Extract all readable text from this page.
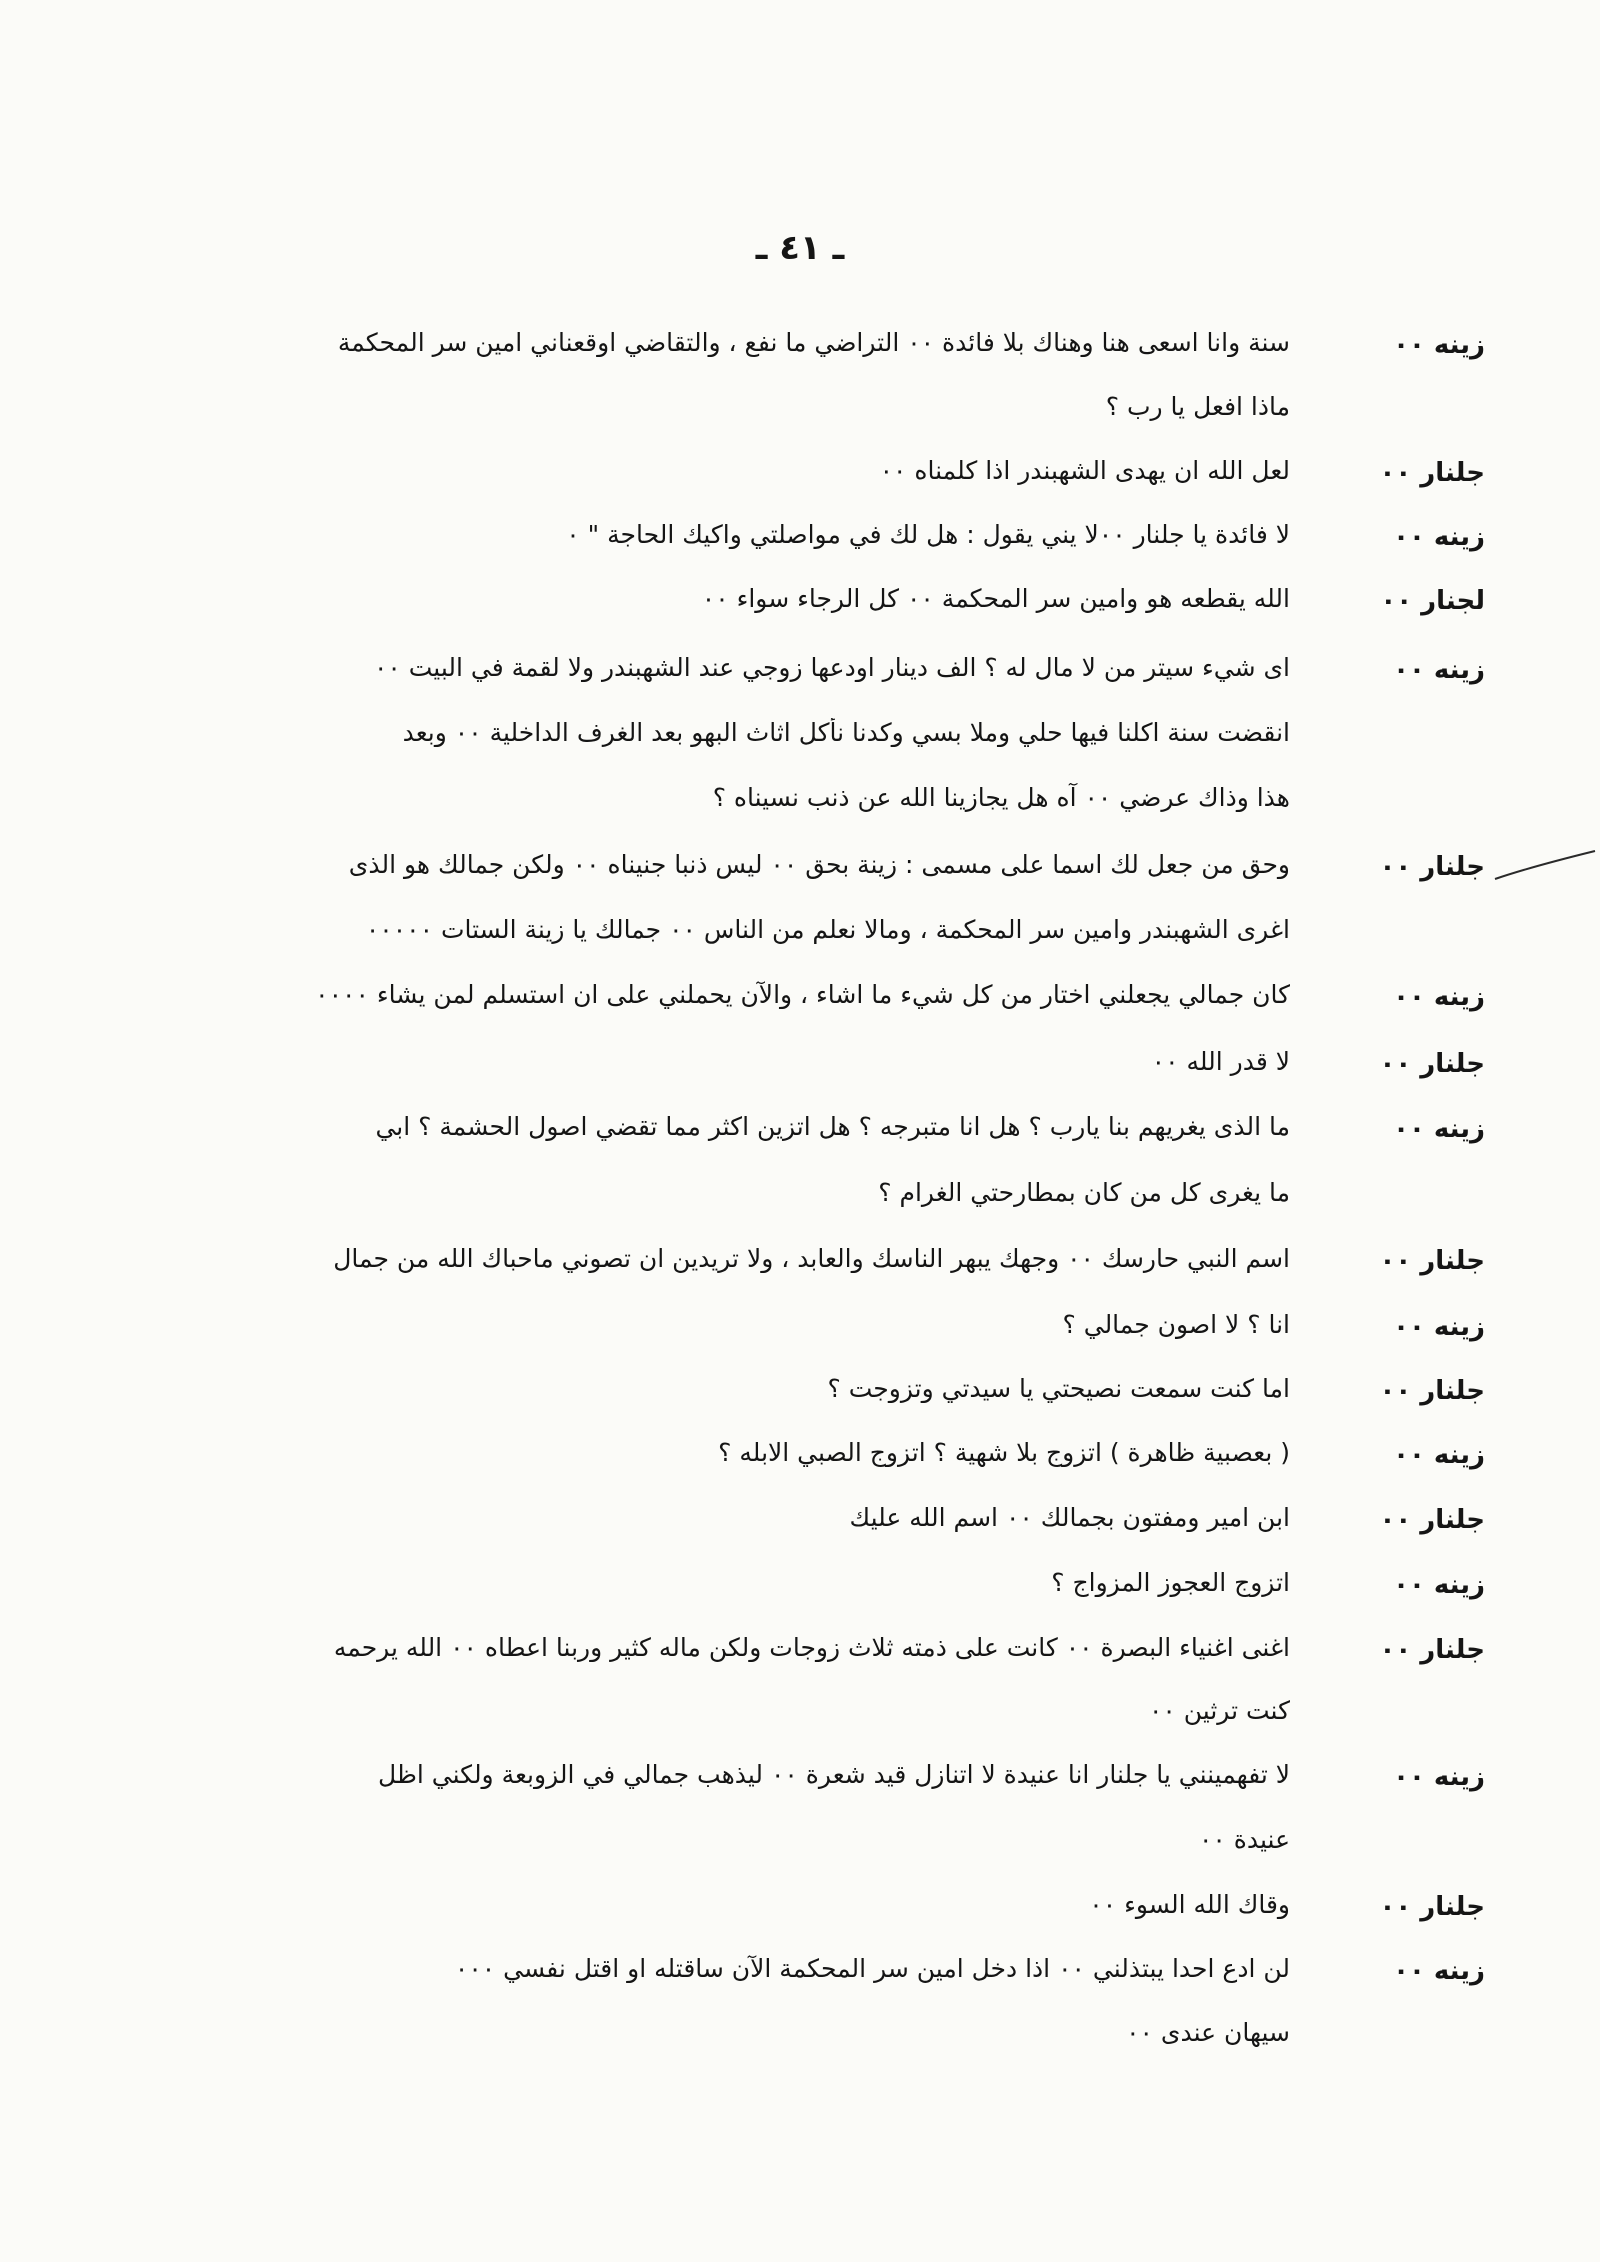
ـ ٤١ ـ
زينه ٠٠
سنة وانا اسعى هنا وهناك بلا فائدة ٠٠ التراضي ما نفع ، والتقاضي اوقعناني امين سر المحكمة
ماذا افعل يا رب ؟
جلنار ٠٠
لعل الله ان يهدى الشهبندر اذا كلمناه ٠٠
زينه ٠٠
لا فائدة يا جلنار ٠٠لا يني يقول : هل لك في مواصلتي واكيك الحاجة " ٠
لجنار ٠٠
الله يقطعه هو وامين سر المحكمة ٠٠ كل الرجاء سواء ٠٠
زينه ٠٠
اى شيء سيتر من لا مال له ؟ الف دينار اودعها زوجي عند الشهبندر ولا لقمة في البيت ٠٠
انقضت سنة اكلنا فيها حلي وملا بسي وكدنا نأكل اثاث البهو بعد الغرف الداخلية ٠٠ وبعد
هذا وذاك عرضي ٠٠ آه هل يجازينا الله عن ذنب نسيناه ؟
جلنار ٠٠
وحق من جعل لك اسما على مسمى : زينة بحق ٠٠ ليس ذنبا جنيناه ٠٠ ولكن جمالك هو الذى
اغرى الشهبندر وامين سر المحكمة ، ومالا نعلم من الناس ٠٠ جمالك يا زينة الستات ٠٠٠٠٠
زينه ٠٠
كان جمالي يجعلني اختار من كل شيء ما اشاء ، والآن يحملني على ان استسلم لمن يشاء ٠٠٠٠
جلنار ٠٠
لا قدر الله ٠٠
زينه ٠٠
ما الذى يغريهم بنا يارب ؟ هل انا متبرجه ؟ هل اتزين اكثر مما تقضي اصول الحشمة ؟ ابي
ما يغرى كل من كان بمطارحتي الغرام ؟
جلنار ٠٠
اسم النبي حارسك ٠٠ وجهك يبهر الناسك والعابد ، ولا تريدين ان تصوني ماحباك الله من جمال
زينه ٠٠
انا ؟ لا اصون جمالي ؟
جلنار ٠٠
اما كنت سمعت نصيحتي يا سيدتي وتزوجت ؟
زينه ٠٠
( بعصبية ظاهرة ) اتزوج بلا شهية ؟ اتزوج الصبي الابله ؟
جلنار ٠٠
ابن امير ومفتون بجمالك ٠٠ اسم الله عليك
زينه ٠٠
اتزوج العجوز المزواج ؟
جلنار ٠٠
اغنى اغنياء البصرة ٠٠ كانت على ذمته ثلاث زوجات ولكن ماله كثير وربنا اعطاه ٠٠ الله يرحمه
كنت ترثين ٠٠
زينه ٠٠
لا تفهمينني يا جلنار انا عنيدة لا اتنازل قيد شعرة ٠٠ ليذهب جمالي في الزوبعة ولكني اظل
عنيدة ٠٠
جلنار ٠٠
وقاك الله السوء ٠٠
زينه ٠٠
لن ادع احدا يبتذلني ٠٠ اذا دخل امين سر المحكمة الآن ساقتله او اقتل نفسي ٠٠٠
سيهان عندى ٠٠
